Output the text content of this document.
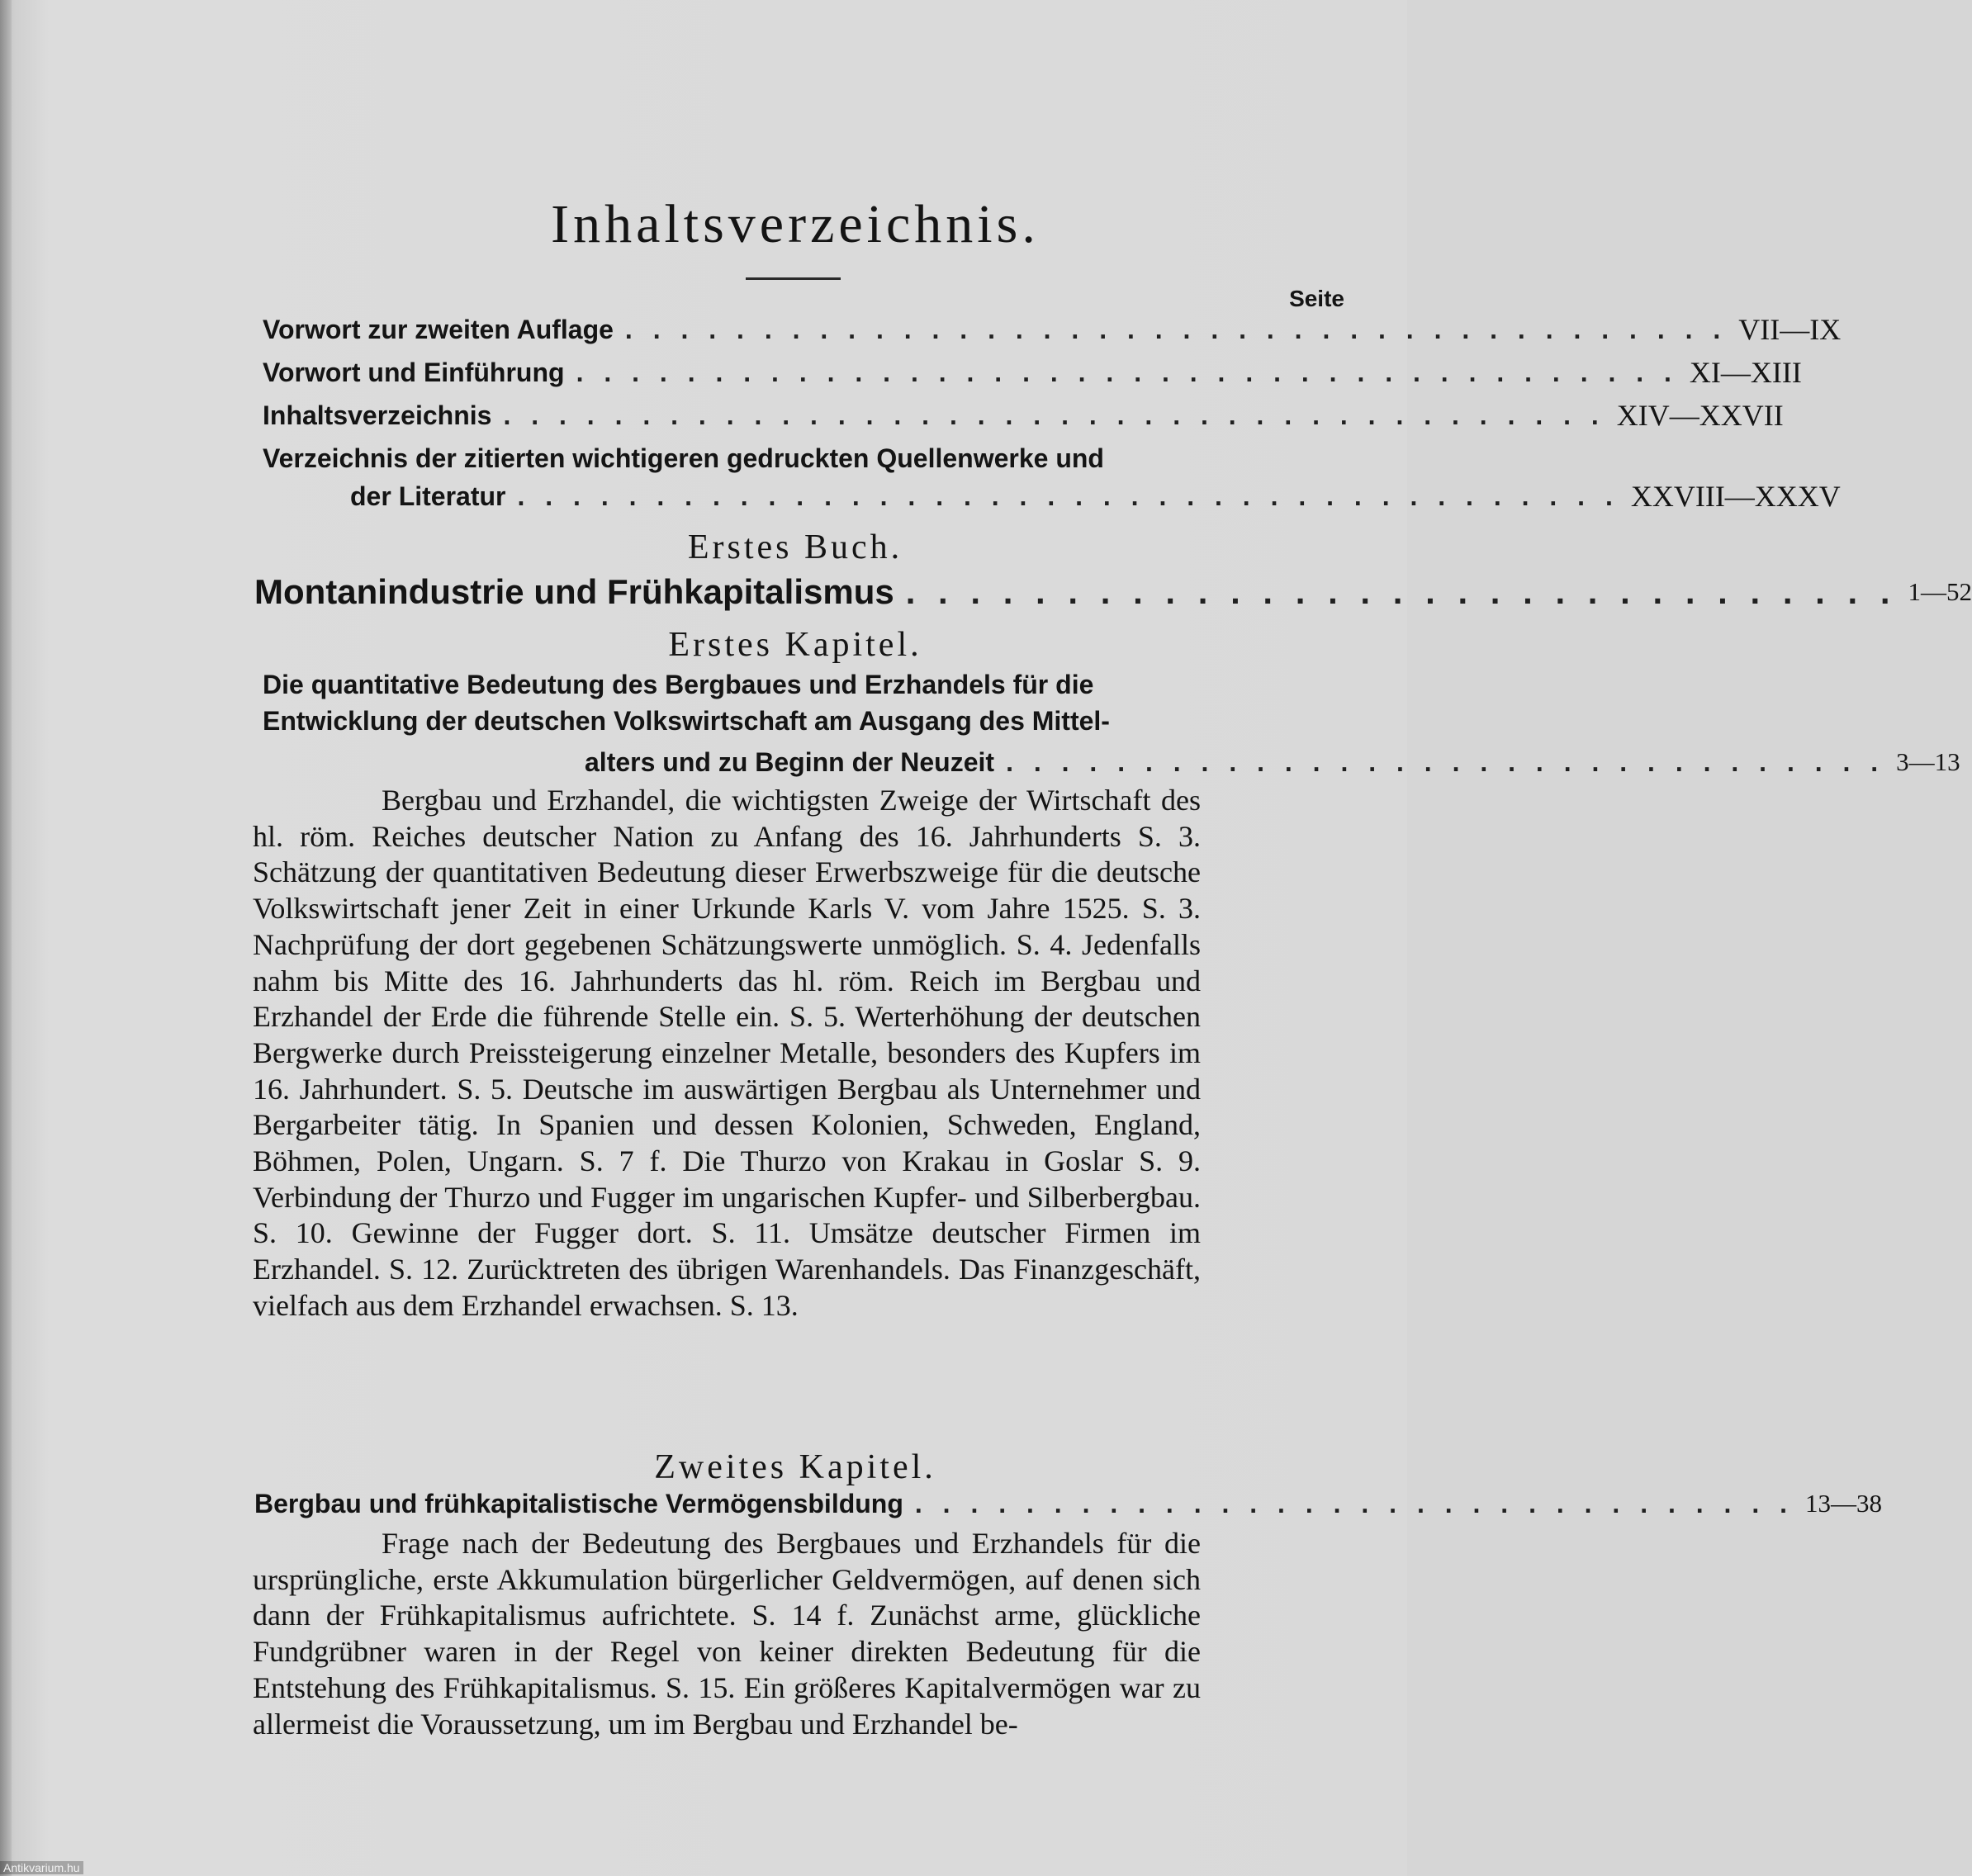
Inhaltsverzeichnis.
Seite
Vorwort zur zweiten Auflage . . . . . . . . . . . . . . . . . . . . . . . . . . . . . . . . . . . . . . . . VII—IX
Vorwort und Einführung . . . . . . . . . . . . . . . . . . . . . . . . . . . . . . . . . . . . . . . . XI—XIII
Inhaltsverzeichnis . . . . . . . . . . . . . . . . . . . . . . . . . . . . . . . . . . . . . . . . XIV—XXVII
Verzeichnis der zitierten wichtigeren gedruckten Quellenwerke und
der Literatur . . . . . . . . . . . . . . . . . . . . . . . . . . . . . . . . . . . . . . . . XXVIII—XXXV
Erstes Buch.
Montanindustrie und Frühkapitalismus . . . . . . . . . . . . . . . . . . . . . . . . . . . . . . . 1—52
Erstes Kapitel.
Die quantitative Bedeutung des Bergbaues und Erzhandels für die
Entwicklung der deutschen Volkswirtschaft am Ausgang des Mittel-
alters und zu Beginn der Neuzeit . . . . . . . . . . . . . . . . . . . . . . . . . . . . . . . . 3—13
Bergbau und Erzhandel, die wichtigsten Zweige der Wirtschaft des hl. röm. Reiches deutscher Nation zu Anfang des 16. Jahrhunderts S. 3. Schätzung der quantitativen Bedeutung dieser Erwerbszweige für die deutsche Volkswirtschaft jener Zeit in einer Urkunde Karls V. vom Jahre 1525. S. 3. Nachprüfung der dort gegebenen Schätzungswerte unmöglich. S. 4. Jedenfalls nahm bis Mitte des 16. Jahrhunderts das hl. röm. Reich im Bergbau und Erzhandel der Erde die führende Stelle ein. S. 5. Werterhöhung der deutschen Bergwerke durch Preissteigerung einzelner Metalle, besonders des Kupfers im 16. Jahrhundert. S. 5. Deutsche im auswärtigen Bergbau als Unternehmer und Bergarbeiter tätig. In Spanien und dessen Kolonien, Schweden, England, Böhmen, Polen, Ungarn. S. 7 f. Die Thurzo von Krakau in Goslar S. 9. Verbindung der Thurzo und Fugger im ungarischen Kupfer- und Silberbergbau. S. 10. Gewinne der Fugger dort. S. 11. Umsätze deutscher Firmen im Erzhandel. S. 12. Zurücktreten des übrigen Warenhandels. Das Finanzgeschäft, vielfach aus dem Erzhandel erwachsen. S. 13.
Zweites Kapitel.
Bergbau und frühkapitalistische Vermögensbildung . . . . . . . . . . . . . . . . . . . . . . . . . . . . . . . . 13—38
Frage nach der Bedeutung des Bergbaues und Erzhandels für die ursprüngliche, erste Akkumulation bürgerlicher Geldvermögen, auf denen sich dann der Frühkapitalismus aufrichtete. S. 14 f. Zunächst arme, glückliche Fundgrübner waren in der Regel von keiner direkten Bedeutung für die Entstehung des Frühkapitalismus. S. 15. Ein größeres Kapitalvermögen war zu allermeist die Voraussetzung, um im Bergbau und Erzhandel be-
Antikvarium.hu
